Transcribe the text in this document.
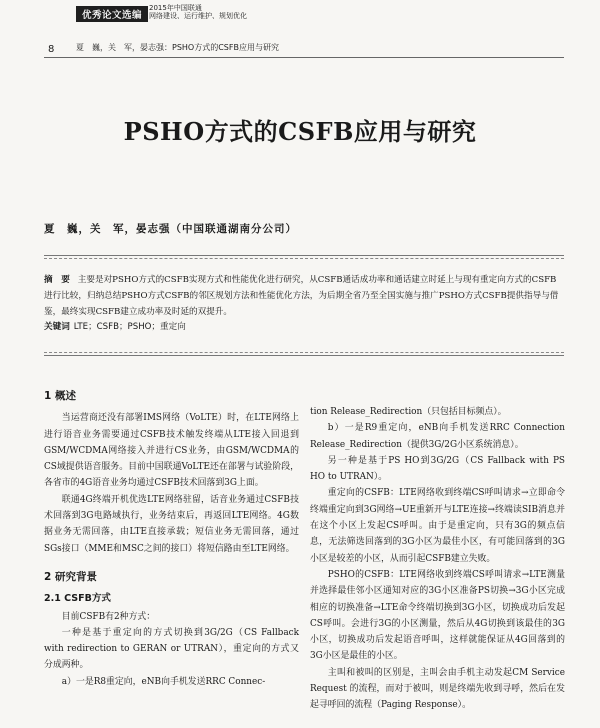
优秀论文选编
2015年中国联通
网络建设、运行维护、规划优化
8	夏　巍，关　军，晏志强：PSHO方式的CSFB应用与研究
PSHO方式的CSFB应用与研究
夏　巍，关　军，晏志强（中国联通湖南分公司）
摘　要 主要是对PSHO方式的CSFB实现方式和性能优化进行研究，从CSFB通话成功率和通话建立时延上与现有重定向方式的CSFB进行比较，归纳总结PSHO方式CSFB的邻区规划方法和性能优化方法，为后期全省乃至全国实施与推广PSHO方式CSFB提供指导与借鉴，最终实现CSFB建立成功率及时延的双提升。
关键词 LTE；CSFB；PSHO；重定向

1 概述

当运营商还没有部署IMS网络（VoLTE）时，在LTE网络上进行语音业务需要通过CSFB技术触发终端从LTE接入回退到GSM/WCDMA网络接入并进行CS业务，由GSM/WCDMA的CS域提供语音服务。目前中国联通VoLTE还在部署与试验阶段，各省市的4G语音业务均通过CSFB技术回落到3G上面。

联通4G终端开机优选LTE网络驻留，话音业务通过CSFB技术回落到3G电路域执行，业务结束后，再返回LTE网络。4G数据业务无需回落，由LTE直接承载；短信业务无需回落，通过SGs接口（MME和MSC之间的接口）将短信路由至LTE网络。

2 研究背景

2.1 CSFB方式

目前CSFB有2种方式：

一种是基于重定向的方式切换到3G/2G（CS Fallback with redirection to GERAN or UTRAN），重定向的方式又分成两种。

a）一是R8重定向，eNB向手机发送RRC Connec-

tion Release_Redirection（只包括目标频点）。

b）一是R9重定向，eNB向手机发送RRC Connection Release_Redirection（提供3G/2G小区系统消息）。

另一种是基于PS HO到3G/2G（CS Fallback with PS HO to UTRAN）。

重定向的CSFB：LTE网络收到终端CS呼叫请求→立即命令终端重定向到3G网络→UE重新开与LTE连接→终端读SIB消息并在这个小区上发起CS呼叫。由于是重定向，只有3G的频点信息，无法筛选回落到的3G小区为最佳小区，有可能回落到的3G小区是较差的小区，从而引起CSFB建立失败。

PSHO的CSFB：LTE网络收到终端CS呼叫请求→LTE测量并选择最佳邻小区通知对应的3G小区准备PS切换→3G小区完成相应的切换准备→LTE命令终端切换到3G小区，切换成功后发起CS呼叫。会进行3G的小区测量，然后从4G切换到该最佳的3G小区，切换成功后发起语音呼叫，这样就能保证从4G回落到的3G小区是最佳的小区。

主叫和被叫的区别是，主叫会由手机主动发起CM Service Request 的流程，而对于被叫，则是终端先收到寻呼，然后在发起寻呼回的流程（Paging Response）。
